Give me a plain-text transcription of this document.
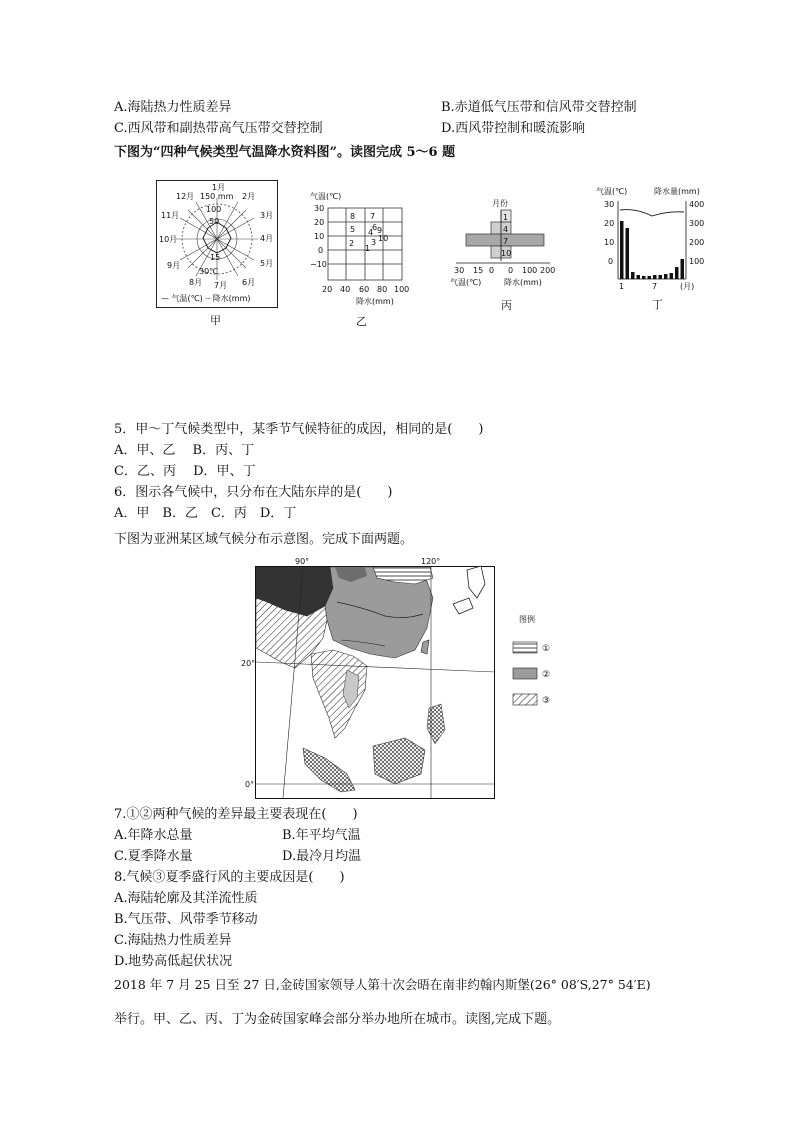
A.海陆热力性质差异	B.赤道低气压带和信风带交替控制
C.西风带和副热带高气压带交替控制	D.西风带控制和暖流影响
下图为“四种气候类型气温降水资料图”。读图完成 5～6 题
1月
2月
3月
4月
5月
6月
7月
8月
9月
10月
11月
12月 150 mm
100
50
15
30℃
— 气温(℃) ┈ 降水(mm)
甲
气温(℃)
30
20
10
0
−10
8 7
5 6
4 9
10
2 3
1
20 40 60 80 100
降水(mm)
乙
月份
1
4
7
10
30 15 0 0 100 200
气温(℃)	降水(mm)
丙
气温(℃)	降水量(mm)
30
20
10
0
400
300
200
100
1	7	(月)
丁
5．甲～丁气候类型中，某季节气候特征的成因，相同的是(　　)
A．甲、乙　 B．丙、丁
C．乙、丙　 D．甲、丁
6．图示各气候中，只分布在大陆东岸的是(　　)
A．甲　B．乙　C．丙　D．丁
下图为亚洲某区域气候分布示意图。完成下面两题。
90°	120°
20°
0°
图例
①
②
③
7.①②两种气候的差异最主要表现在(　　)
A.年降水总量	B.年平均气温
C.夏季降水量	D.最冷月均温
8.气候③夏季盛行风的主要成因是(　　)
A.海陆轮廓及其洋流性质
B.气压带、风带季节移动
C.海陆热力性质差异
D.地势高低起伏状况
2018 年 7 月 25 日至 27 日,金砖国家领导人第十次会晤在南非约翰内斯堡(26° 08′S,27° 54′E)
举行。甲、乙、丙、丁为金砖国家峰会部分举办地所在城市。读图,完成下题。
